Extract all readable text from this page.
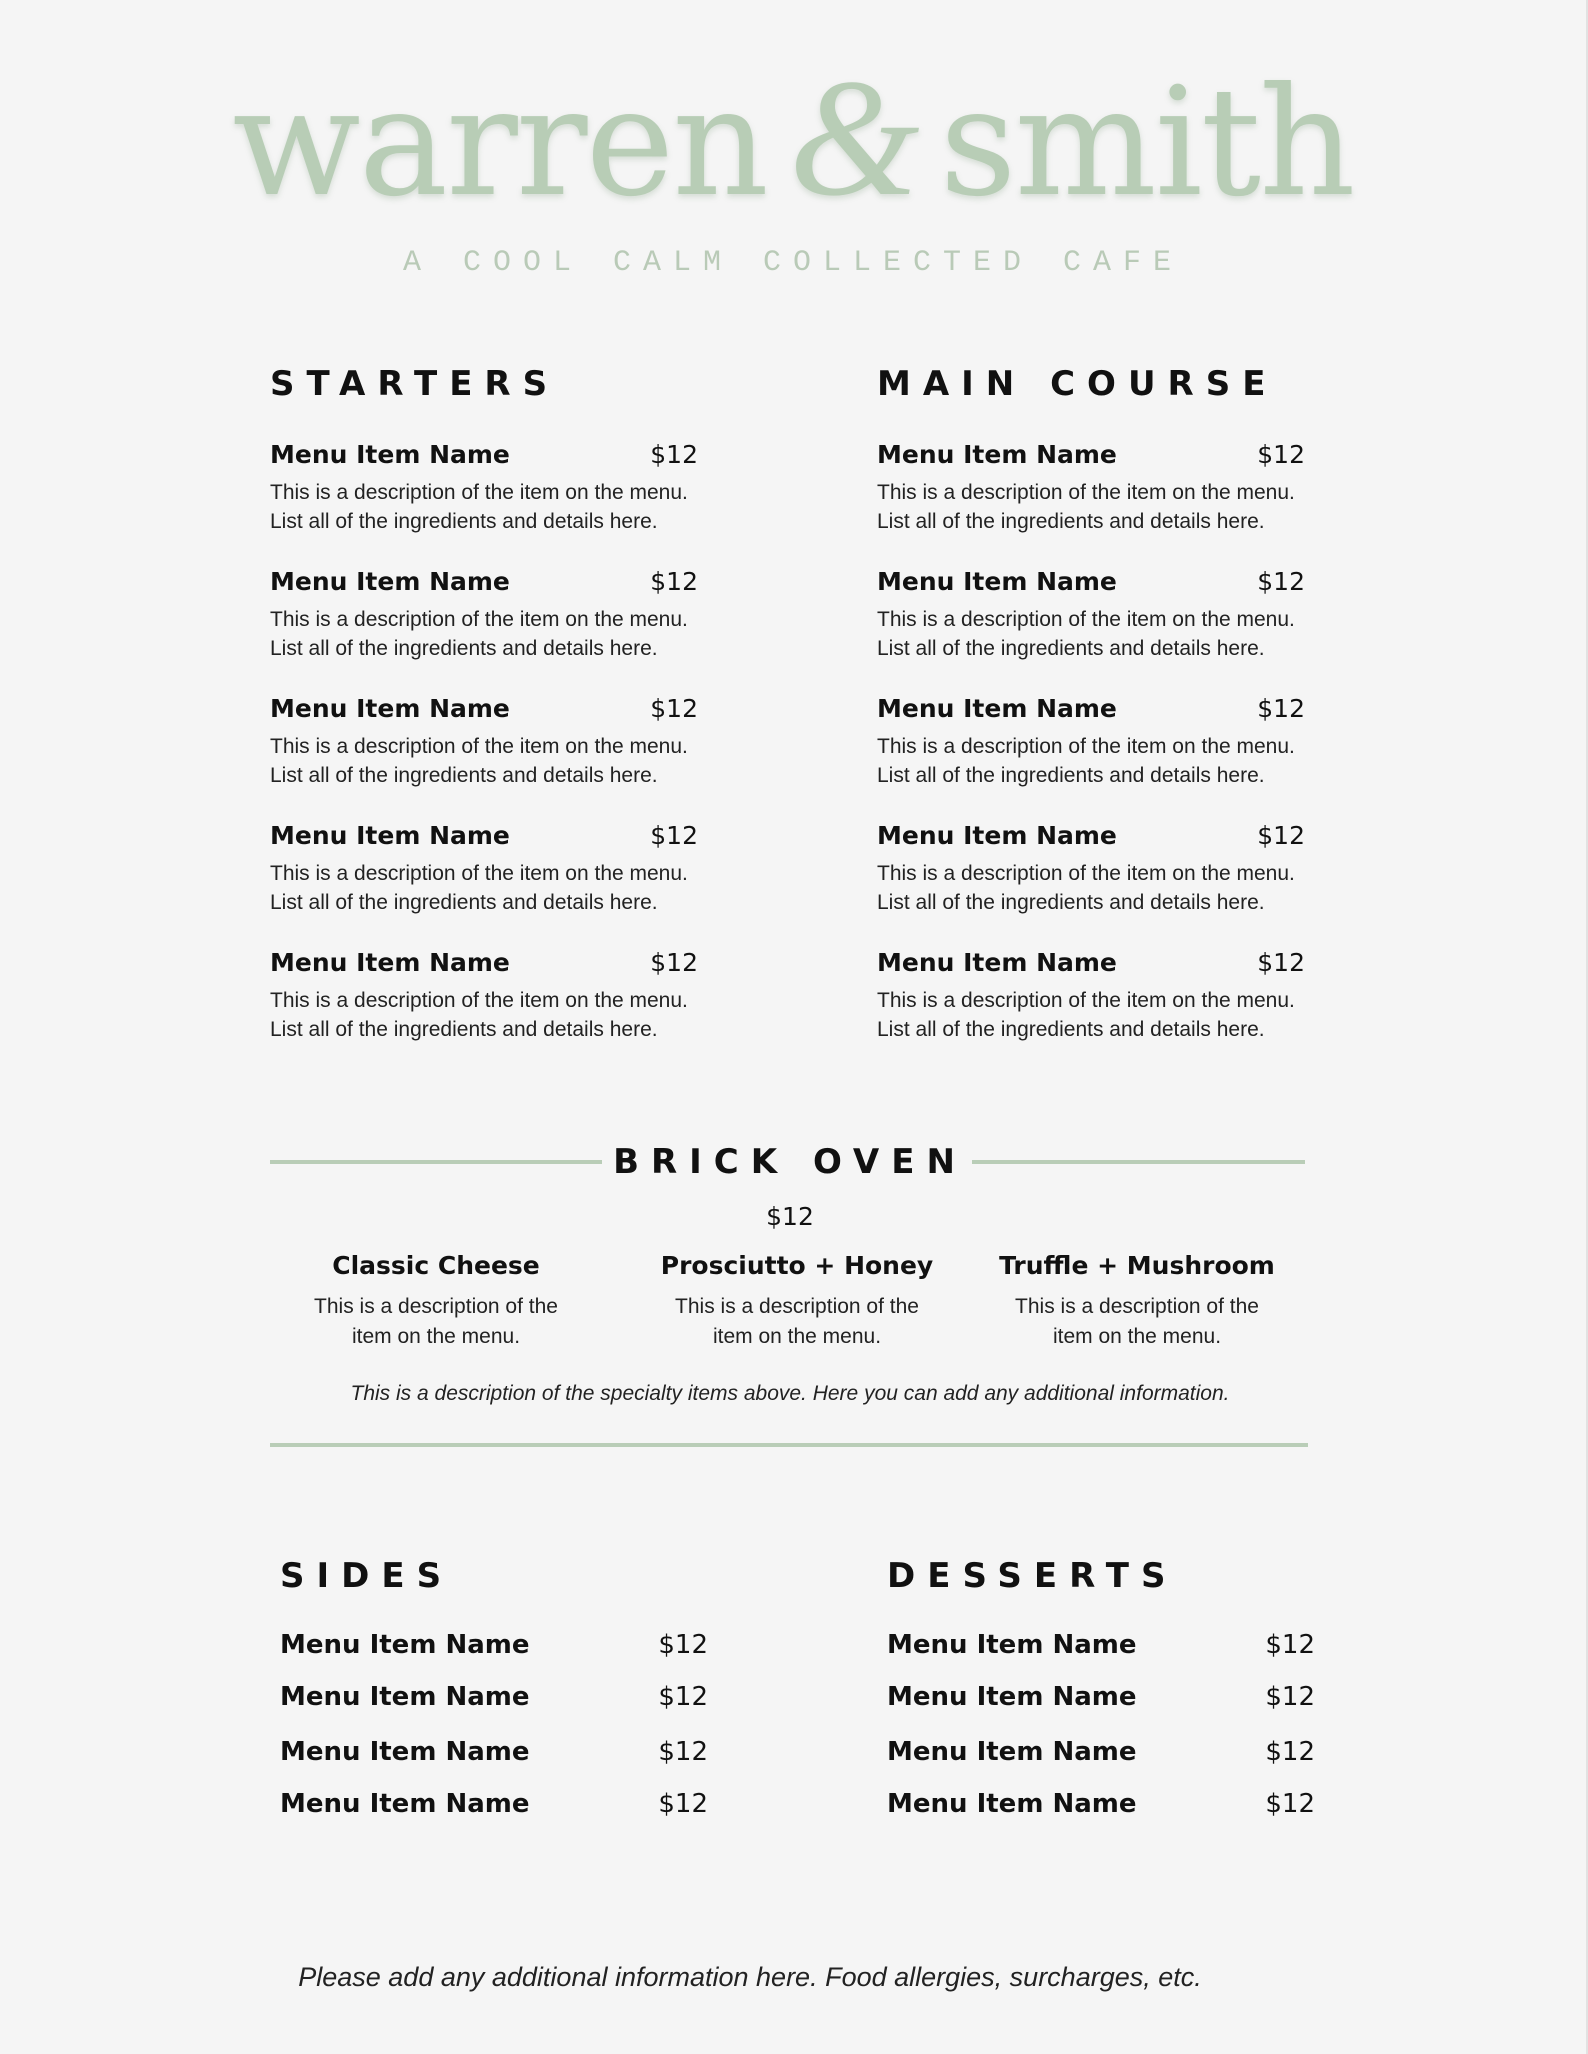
warren & smith
A COOL CALM COLLECTED CAFE
STARTERS	MAIN COURSE
Menu Item Name	$12
This is a description of the item on the menu.
List all of the ingredients and details here.
Menu Item Name	$12
This is a description of the item on the menu.
List all of the ingredients and details here.
Menu Item Name	$12
This is a description of the item on the menu.
List all of the ingredients and details here.
Menu Item Name	$12
This is a description of the item on the menu.
List all of the ingredients and details here.
Menu Item Name	$12
This is a description of the item on the menu.
List all of the ingredients and details here.
Menu Item Name	$12
This is a description of the item on the menu.
List all of the ingredients and details here.
Menu Item Name	$12
This is a description of the item on the menu.
List all of the ingredients and details here.
Menu Item Name	$12
This is a description of the item on the menu.
List all of the ingredients and details here.
Menu Item Name	$12
This is a description of the item on the menu.
List all of the ingredients and details here.
Menu Item Name	$12
This is a description of the item on the menu.
List all of the ingredients and details here.
BRICK OVEN
$12
Classic Cheese
This is a description of the
item on the menu.
Prosciutto + Honey
This is a description of the
item on the menu.
Truffle + Mushroom
This is a description of the
item on the menu.
This is a description of the specialty items above. Here you can add any additional information.
SIDES
Menu Item Name	$12
Menu Item Name	$12
Menu Item Name	$12
Menu Item Name	$12
DESSERTS
Menu Item Name	$12
Menu Item Name	$12
Menu Item Name	$12
Menu Item Name	$12
Please add any additional information here. Food allergies, surcharges, etc.
